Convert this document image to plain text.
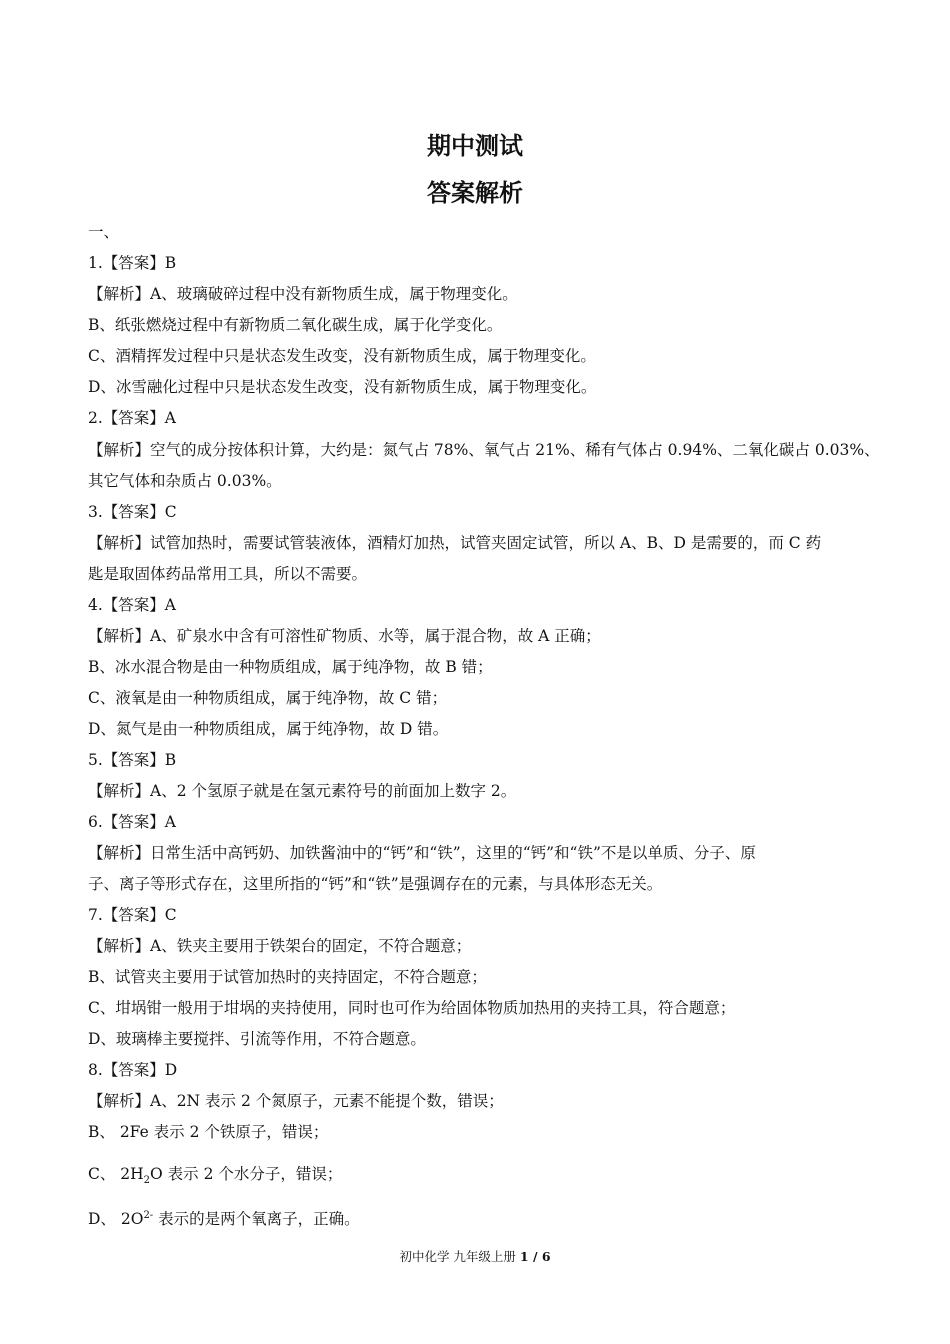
期中测试
答案解析
一、
1.【答案】B
【解析】A、玻璃破碎过程中没有新物质生成，属于物理变化。
B、纸张燃烧过程中有新物质二氧化碳生成，属于化学变化。
C、酒精挥发过程中只是状态发生改变，没有新物质生成，属于物理变化。
D、冰雪融化过程中只是状态发生改变，没有新物质生成，属于物理变化。
2.【答案】A
【解析】空气的成分按体积计算，大约是：氮气占 78%、氧气占 21%、稀有气体占 0.94%、二氧化碳占 0.03%、
其它气体和杂质占 0.03%。
3.【答案】C
【解析】试管加热时，需要试管装液体，酒精灯加热，试管夹固定试管，所以 A、B、D 是需要的，而 C 药
匙是取固体药品常用工具，所以不需要。
4.【答案】A
【解析】A、矿泉水中含有可溶性矿物质、水等，属于混合物，故 A 正确；
B、冰水混合物是由一种物质组成，属于纯净物，故 B 错；
C、液氧是由一种物质组成，属于纯净物，故 C 错；
D、氮气是由一种物质组成，属于纯净物，故 D 错。
5.【答案】B
【解析】A、2 个氢原子就是在氢元素符号的前面加上数字 2。
6.【答案】A
【解析】日常生活中高钙奶、加铁酱油中的“钙”和“铁”，这里的“钙”和“铁”不是以单质、分子、原
子、离子等形式存在，这里所指的“钙”和“铁”是强调存在的元素，与具体形态无关。
7.【答案】C
【解析】A、铁夹主要用于铁架台的固定，不符合题意；
B、试管夹主要用于试管加热时的夹持固定，不符合题意；
C、坩埚钳一般用于坩埚的夹持使用，同时也可作为给固体物质加热用的夹持工具，符合题意；
D、玻璃棒主要搅拌、引流等作用，不符合题意。
8.【答案】D
【解析】A、2N 表示 2 个氮原子，元素不能提个数，错误；
B、 2Fe 表示 2 个铁原子，错误；
C、 $2H_2O$ 表示 2 个水分子，错误；
D、 $2O^{2-}$ 表示的是两个氧离子，正确。
初中化学 九年级上册 1 / 6
